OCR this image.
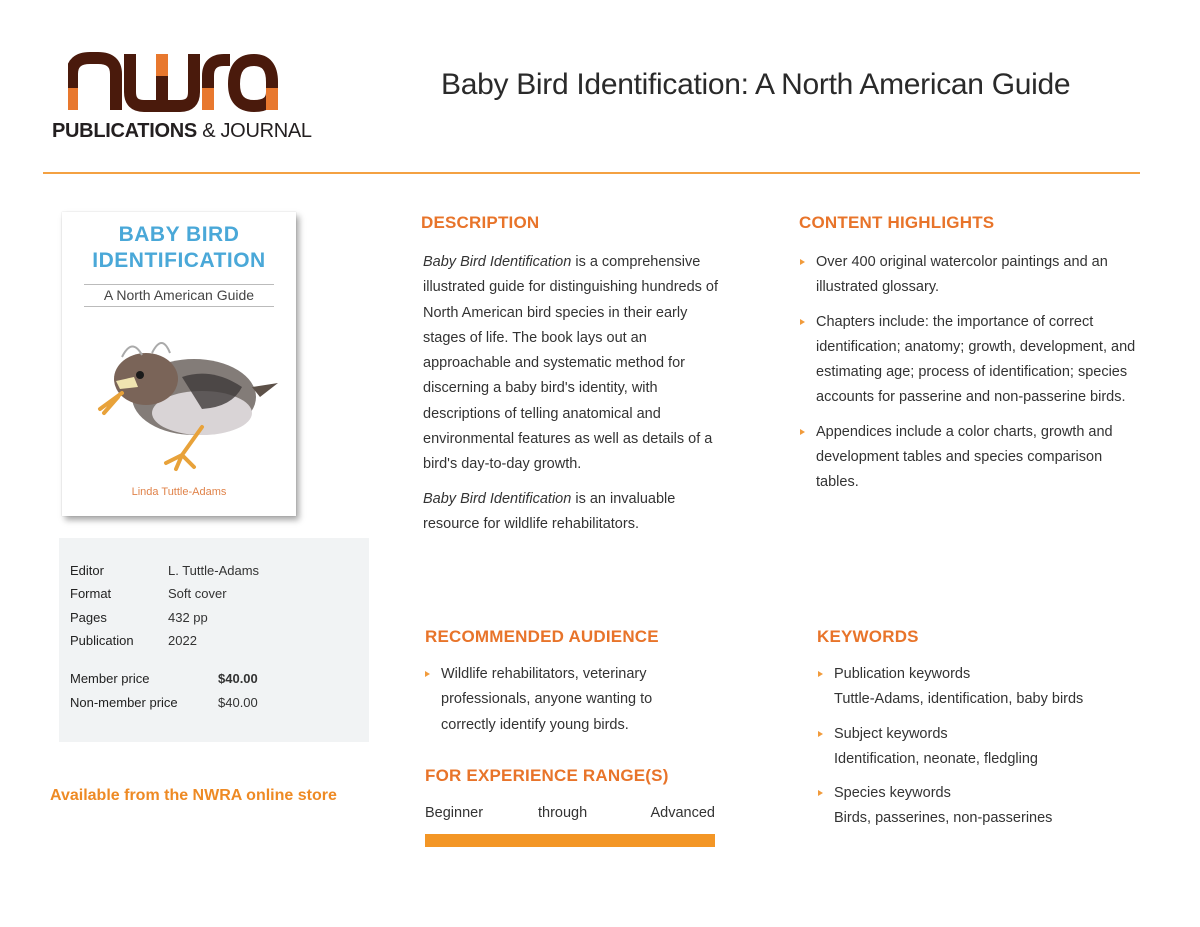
PUBLICATIONS & JOURNAL
Baby Bird Identification: A North American Guide
BABY BIRD
IDENTIFICATION
A North American Guide
Linda Tuttle-Adams
Editor	L. Tuttle-Adams
Format	Soft cover
Pages	432 pp
Publication	2022
Member price	$40.00
Non-member price	$40.00
Available from the NWRA online store
DESCRIPTION

Baby Bird Identification is a comprehensive illustrated guide for distinguishing hundreds of North American bird species in their early stages of life. The book lays out an approachable and systematic method for discerning a baby bird's identity, with descriptions of telling anatomical and environmental features as well as details of a bird's day-to-day growth.

Baby Bird Identification is an invaluable resource for wildlife rehabilitators.

CONTENT HIGHLIGHTS
Over 400 original watercolor paintings and an illustrated glossary.
Chapters include: the importance of correct identification; anatomy; growth, development, and estimating age; process of identification; species accounts for passerine and non-passerine birds.
Appendices include a color charts, growth and development tables and species comparison tables.
RECOMMENDED AUDIENCE
Wildlife rehabilitators, veterinary professionals, anyone wanting to correctly identify young birds.
FOR EXPERIENCE RANGE(S)
Beginner	through	Advanced
KEYWORDS
Publication keywords
Tuttle-Adams, identification, baby birds
Subject keywords
Identification, neonate, fledgling
Species keywords
Birds, passerines, non-passerines
